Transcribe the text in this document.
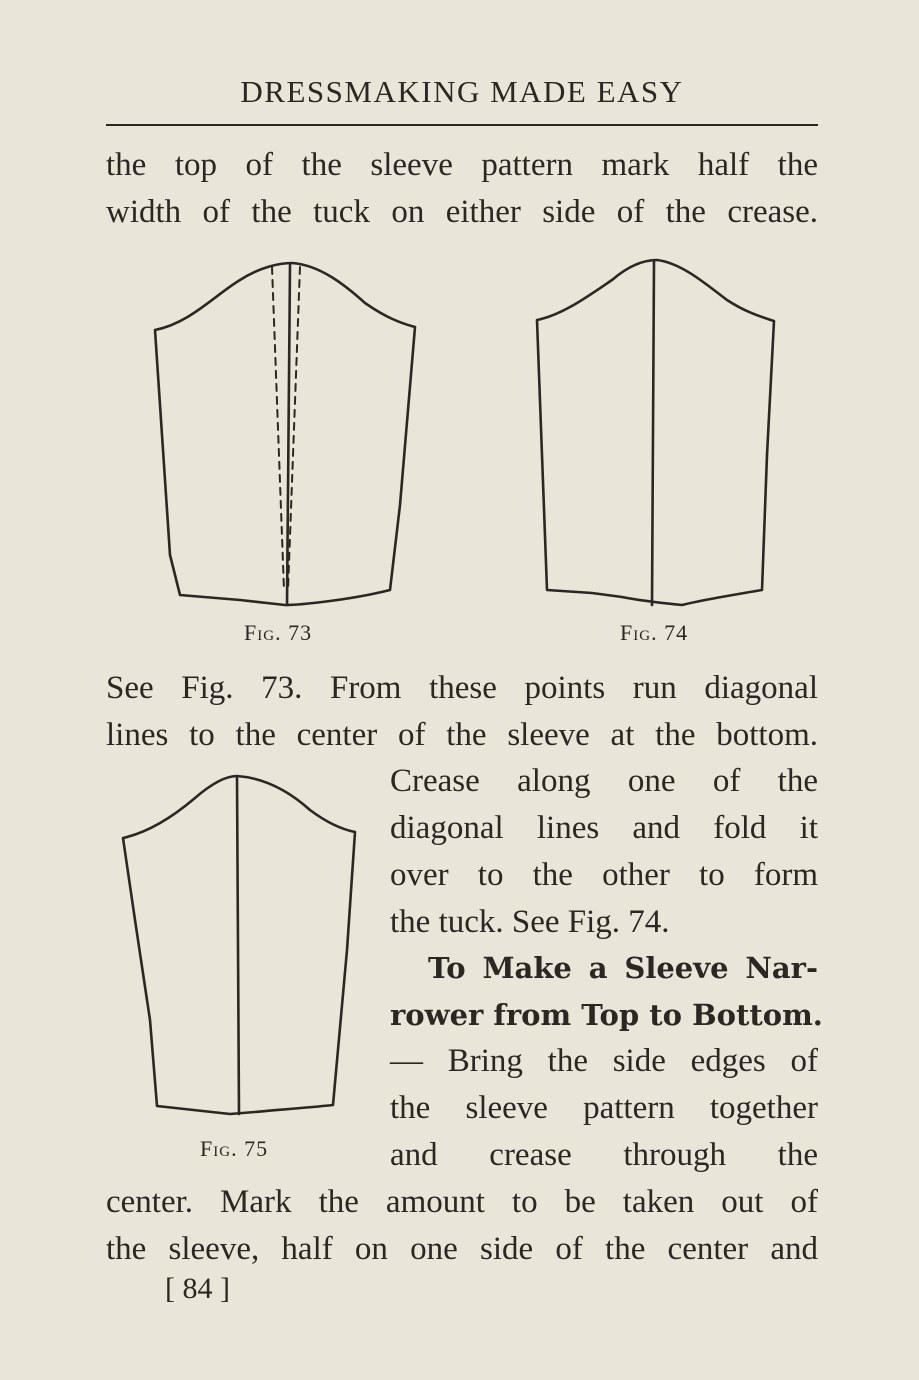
DRESSMAKING MADE EASY
the top of the sleeve pattern mark half the
width of the tuck on either side of the crease.
Fig. 73	Fig. 74
See Fig. 73. From these points run diagonal
lines to the center of the sleeve at the bottom.
Fig. 75
Crease along one of the
diagonal lines and fold it
over to the other to form
the tuck. See Fig. 74.
To Make a Sleeve Nar-
rower from Top to Bottom.
— Bring the side edges of
the sleeve pattern together
and crease through the
center. Mark the amount to be taken out of
the sleeve, half on one side of the center and
[ 84 ]
